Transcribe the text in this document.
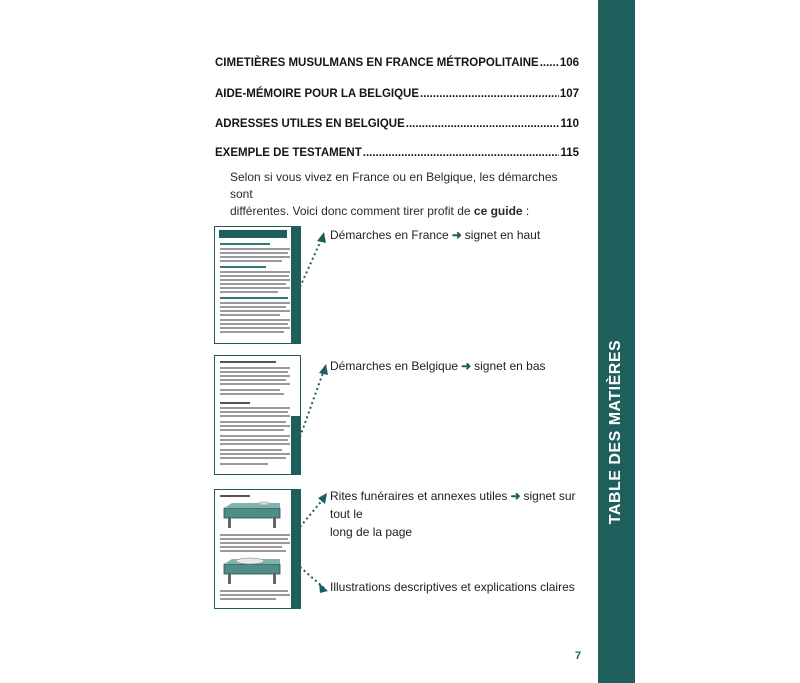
TABLE DES MATIÈRES
CIMETIÈRES MUSULMANS EN FRANCE MÉTROPOLITAINE ..... 106
AIDE-MÉMOIRE POUR LA BELGIQUE .....	107
ADRESSES UTILES EN BELGIQUE .....	110
EXEMPLE DE TESTAMENT .....	115
Selon si vous vivez en France ou en Belgique, les démarches sont
différentes. Voici donc comment tirer profit de ce guide :
Démarches en France ➜ signet en haut
Démarches en Belgique ➜ signet en bas
Rites funéraires et annexes utiles ➜ signet sur tout le
long de la page
Illustrations descriptives et explications claires
7
